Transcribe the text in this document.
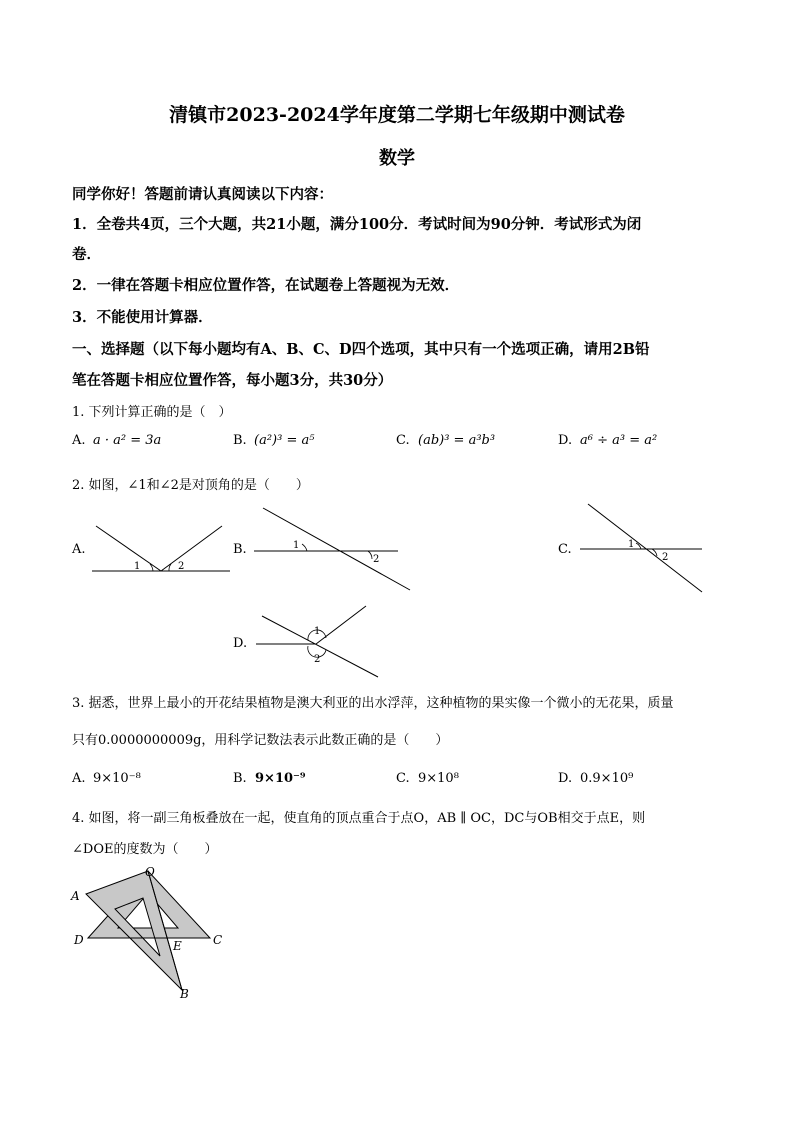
清镇市2023-2024学年度第二学期七年级期中测试卷
数学
同学你好！答题前请认真阅读以下内容：
1．全卷共4页，三个大题，共21小题，满分100分．考试时间为90分钟．考试形式为闭
卷．
2．一律在答题卡相应位置作答，在试题卷上答题视为无效．
3．不能使用计算器．
一、选择题（以下每小题均有A、B、C、D四个选项，其中只有一个选项正确，请用2B铅
笔在答题卡相应位置作答，每小题3分，共30分）
1. 下列计算正确的是（　）
A. a · a² = 3a	B. (a²)³ = a⁵	C. (ab)³ = a³b³	D. a⁶ ÷ a³ = a²
2. 如图，∠1和∠2是对顶角的是（　　）
A.
1	2
B.	1
2
C.	1
2
D.
1
2
3. 据悉，世界上最小的开花结果植物是澳大利亚的出水浮萍，这种植物的果实像一个微小的无花果，质量
只有0.0000000009g，用科学记数法表示此数正确的是（　　）
A. 9×10⁻⁸	B. 9×10⁻⁹	C. 9×10⁸	D. 0.9×10⁹
4. 如图，将一副三角板叠放在一起，使直角的顶点重合于点O，AB ∥ OC，DC与OB相交于点E，则
∠DOE的度数为（　　）
O
A
D	E	C
B
